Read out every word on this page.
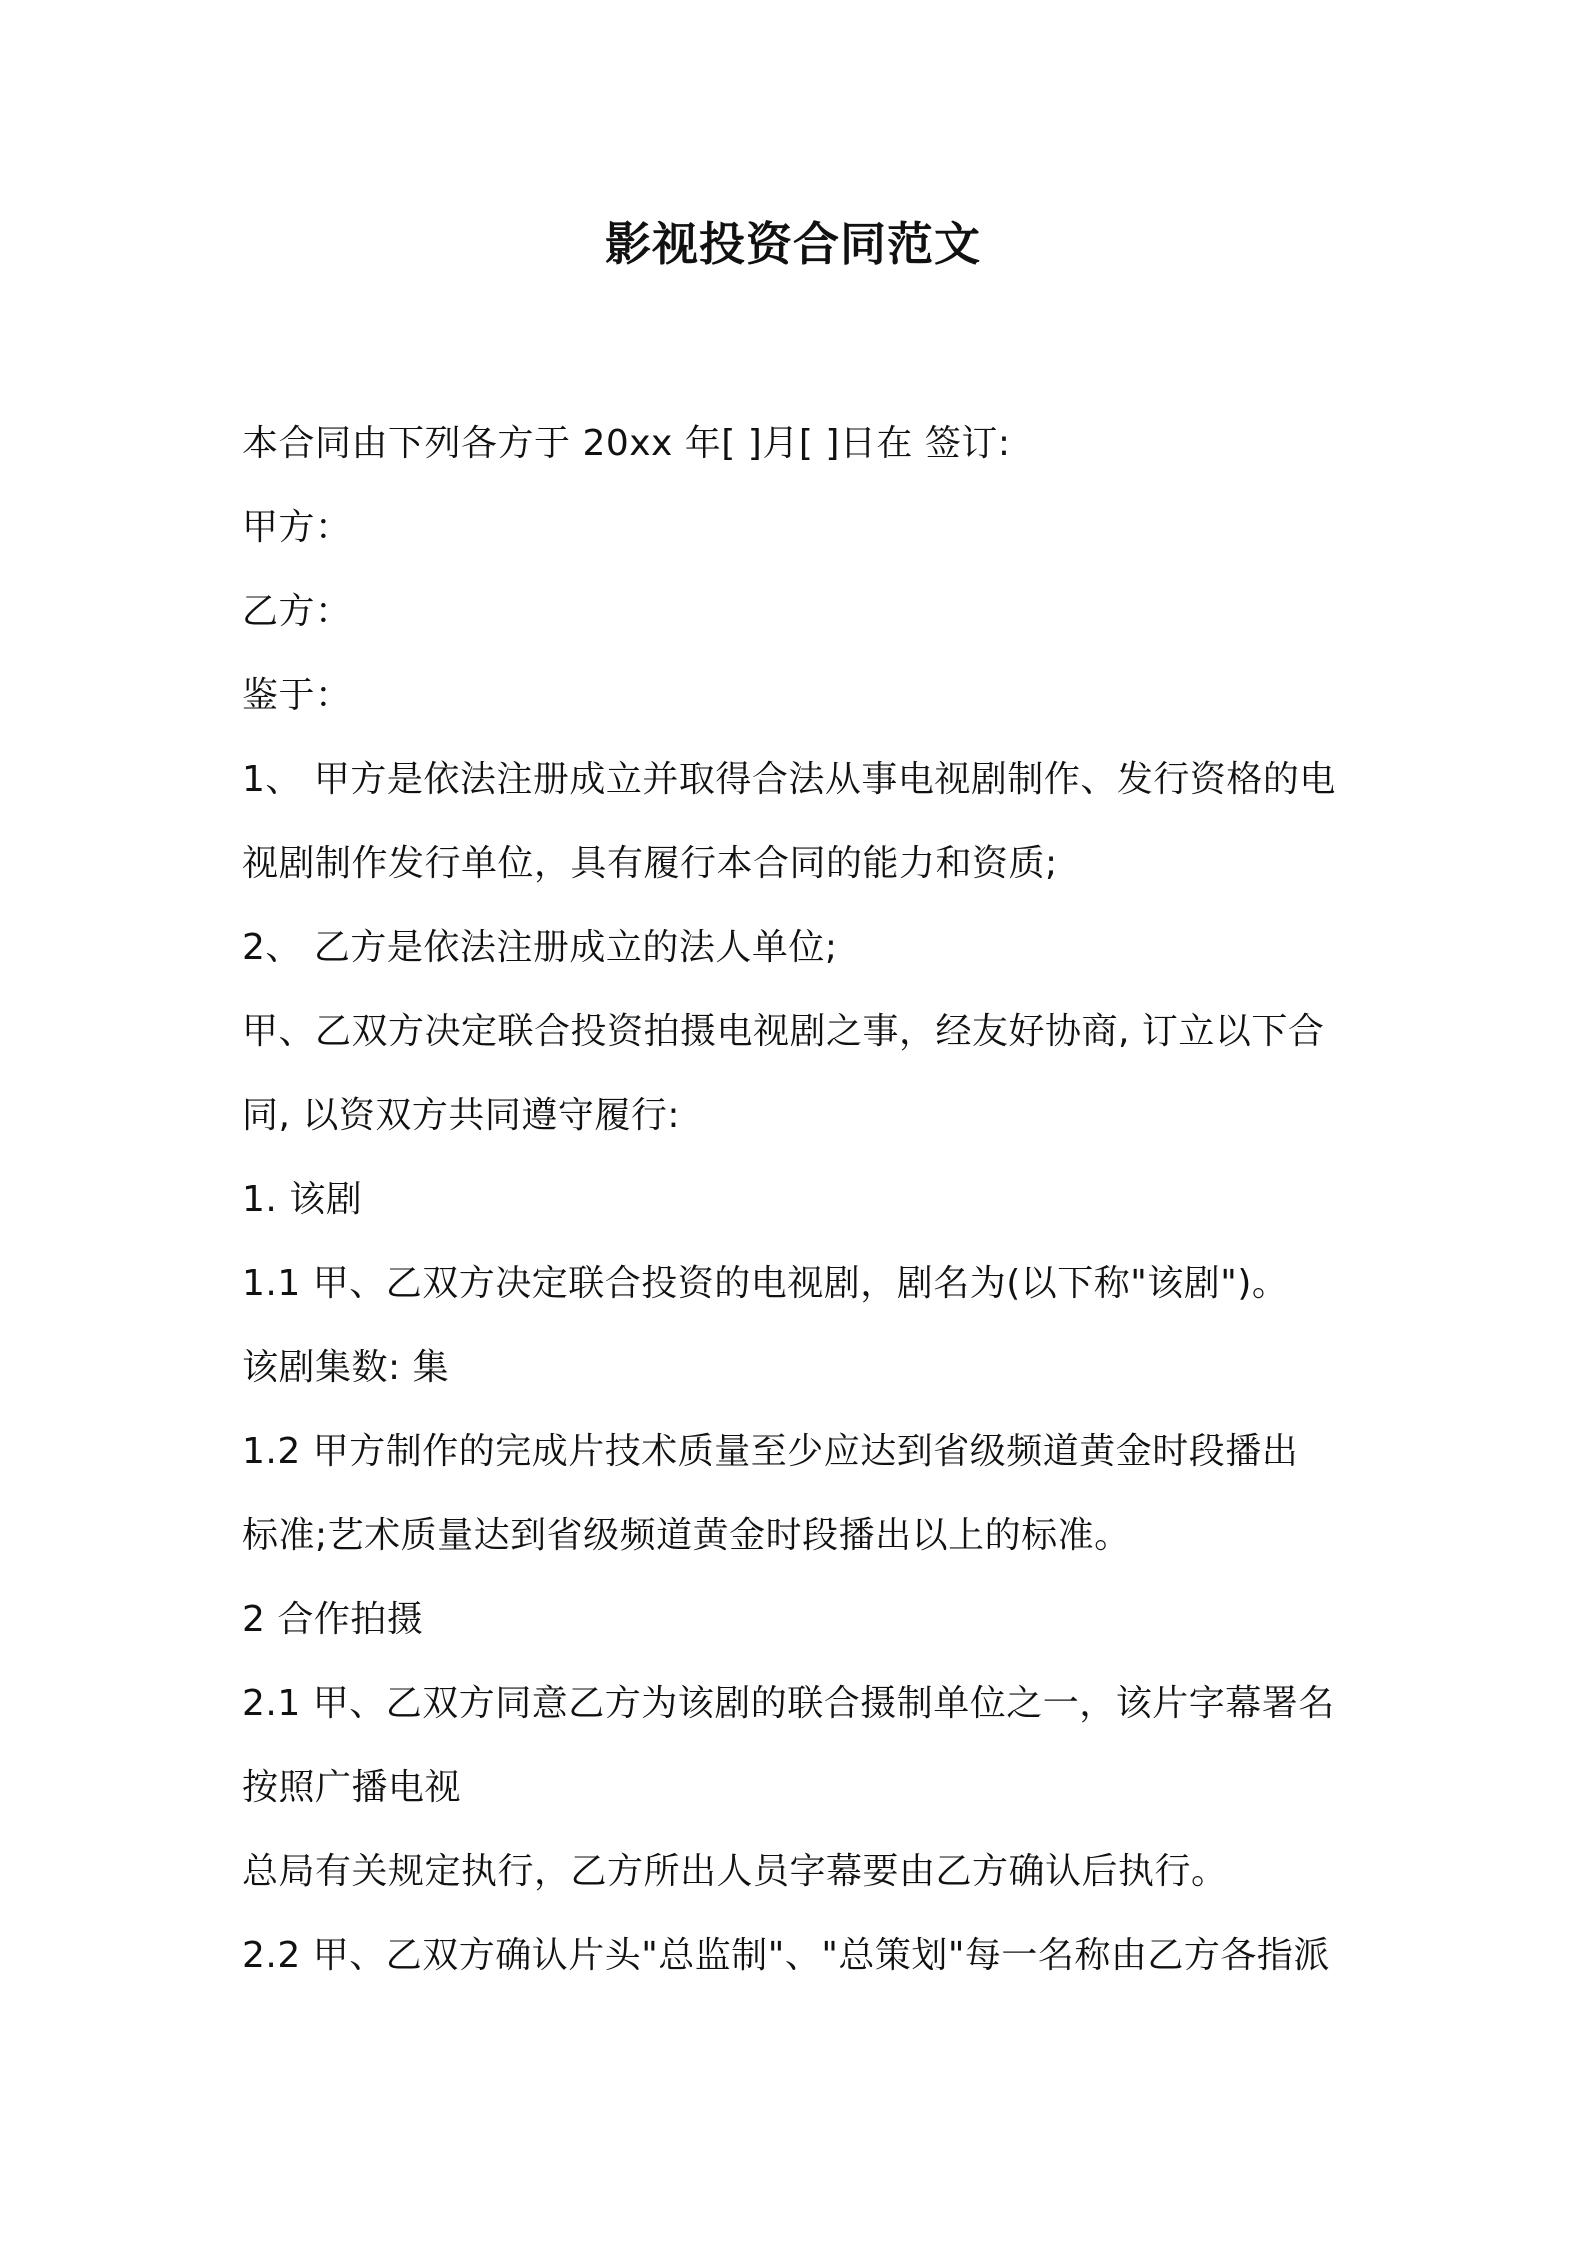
影视投资合同范文
本合同由下列各方于 20xx 年[ ]月[ ]日在 签订:
甲方：
乙方：
鉴于：
1、 甲方是依法注册成立并取得合法从事电视剧制作、发行资格的电
视剧制作发行单位，具有履行本合同的能力和资质;
2、 乙方是依法注册成立的法人单位;
甲、乙双方决定联合投资拍摄电视剧之事，经友好协商, 订立以下合
同, 以资双方共同遵守履行:
1. 该剧
1.1 甲、乙双方决定联合投资的电视剧，剧名为(以下称"该剧")。
该剧集数: 集
1.2 甲方制作的完成片技术质量至少应达到省级频道黄金时段播出
标准;艺术质量达到省级频道黄金时段播出以上的标准。
2 合作拍摄
2.1 甲、乙双方同意乙方为该剧的联合摄制单位之一，该片字幕署名
按照广播电视
总局有关规定执行，乙方所出人员字幕要由乙方确认后执行。
2.2 甲、乙双方确认片头"总监制"、"总策划"每一名称由乙方各指派
